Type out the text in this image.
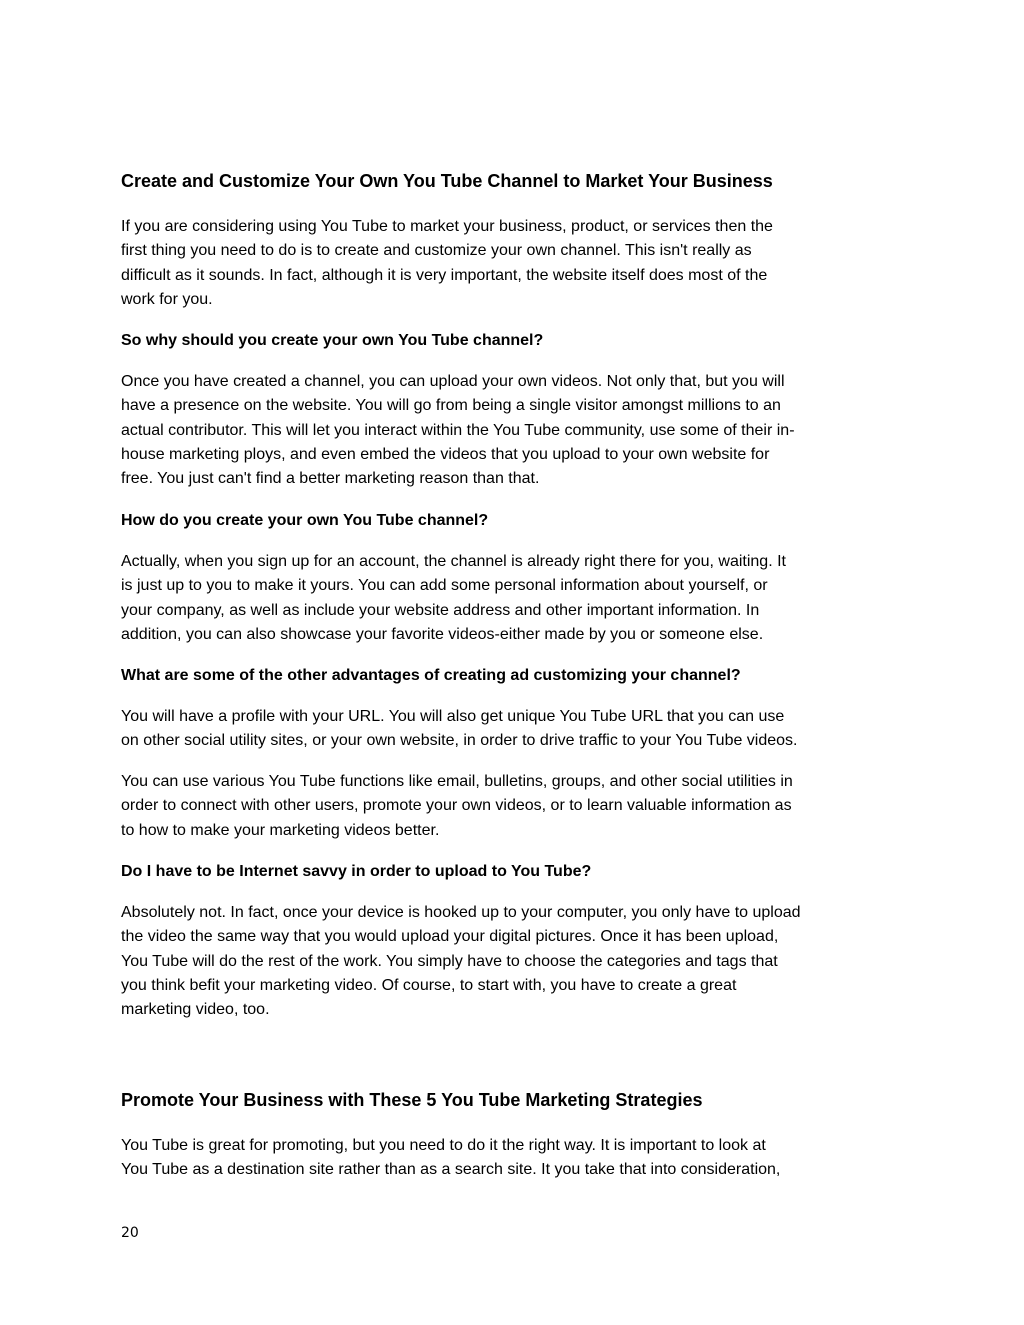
Create and Customize Your Own You Tube Channel to Market Your Business

If you are considering using You Tube to market your business, product, or services then the
first thing you need to do is to create and customize your own channel. This isn't really as
difficult as it sounds. In fact, although it is very important, the website itself does most of the
work for you.

So why should you create your own You Tube channel?

Once you have created a channel, you can upload your own videos. Not only that, but you will
have a presence on the website. You will go from being a single visitor amongst millions to an
actual contributor. This will let you interact within the You Tube community, use some of their in-
house marketing ploys, and even embed the videos that you upload to your own website for
free. You just can't find a better marketing reason than that.

How do you create your own You Tube channel?

Actually, when you sign up for an account, the channel is already right there for you, waiting. It
is just up to you to make it yours. You can add some personal information about yourself, or
your company, as well as include your website address and other important information. In
addition, you can also showcase your favorite videos-either made by you or someone else.

What are some of the other advantages of creating ad customizing your channel?

You will have a profile with your URL. You will also get unique You Tube URL that you can use
on other social utility sites, or your own website, in order to drive traffic to your You Tube videos.

You can use various You Tube functions like email, bulletins, groups, and other social utilities in
order to connect with other users, promote your own videos, or to learn valuable information as
to how to make your marketing videos better.

Do I have to be Internet savvy in order to upload to You Tube?

Absolutely not. In fact, once your device is hooked up to your computer, you only have to upload
the video the same way that you would upload your digital pictures. Once it has been upload,
You Tube will do the rest of the work. You simply have to choose the categories and tags that
you think befit your marketing video. Of course, to start with, you have to create a great
marketing video, too.

Promote Your Business with These 5 You Tube Marketing Strategies

You Tube is great for promoting, but you need to do it the right way. It is important to look at
You Tube as a destination site rather than as a search site. It you take that into consideration,

20
